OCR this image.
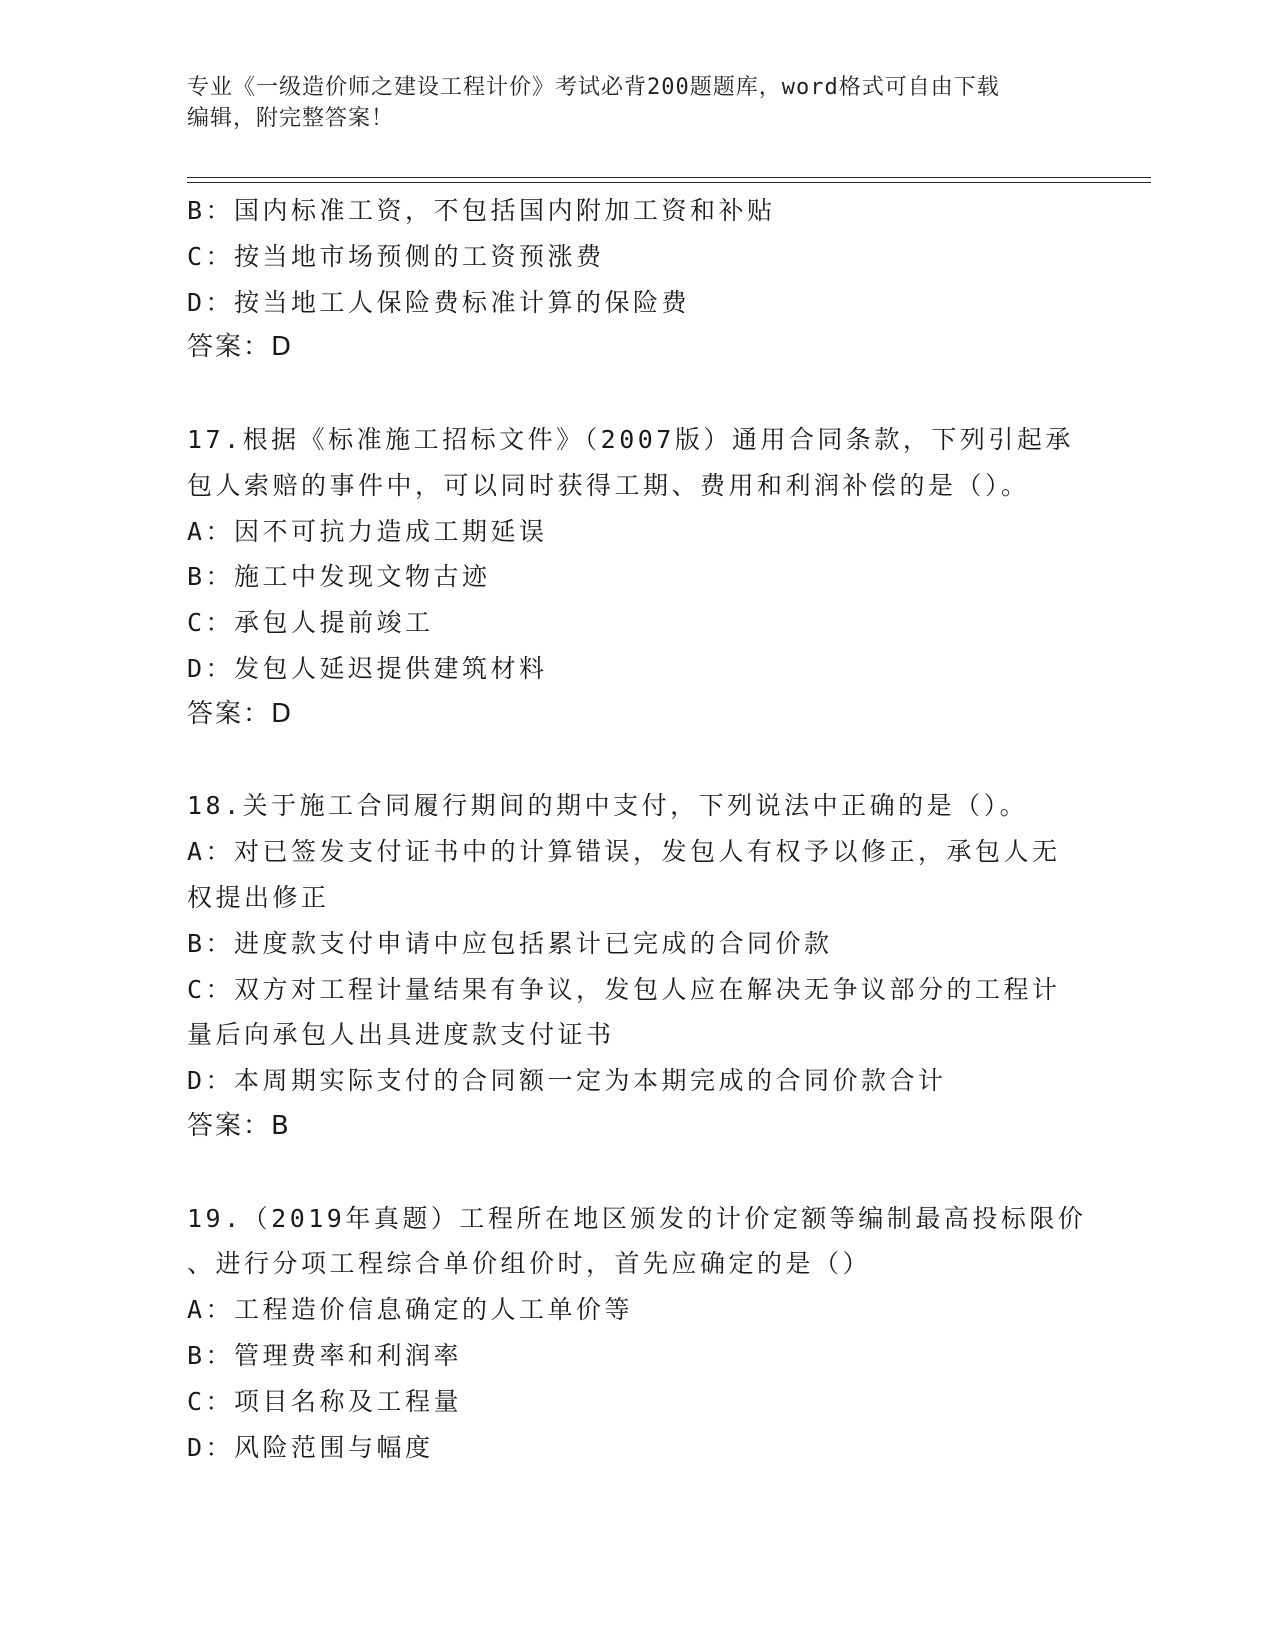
专业《一级造价师之建设工程计价》考试必背200题题库，word格式可自由下载
编辑，附完整答案！
B：国内标准工资，不包括国内附加工资和补贴
C：按当地市场预侧的工资预涨费
D：按当地工人保险费标准计算的保险费
答案：D
17.根据《标准施工招标文件》（2007版）通用合同条款，下列引起承
包人索赔的事件中，可以同时获得工期、费用和利润补偿的是（）。
A：因不可抗力造成工期延误
B：施工中发现文物古迹
C：承包人提前竣工
D：发包人延迟提供建筑材料
答案：D
18.关于施工合同履行期间的期中支付，下列说法中正确的是（）。
A：对已签发支付证书中的计算错误，发包人有权予以修正，承包人无
权提出修正
B：进度款支付申请中应包括累计已完成的合同价款
C：双方对工程计量结果有争议，发包人应在解决无争议部分的工程计
量后向承包人出具进度款支付证书
D：本周期实际支付的合同额一定为本期完成的合同价款合计
答案：B
19.（2019年真题）工程所在地区颁发的计价定额等编制最高投标限价
、进行分项工程综合单价组价时，首先应确定的是（）
A：工程造价信息确定的人工单价等
B：管理费率和利润率
C：项目名称及工程量
D：风险范围与幅度
